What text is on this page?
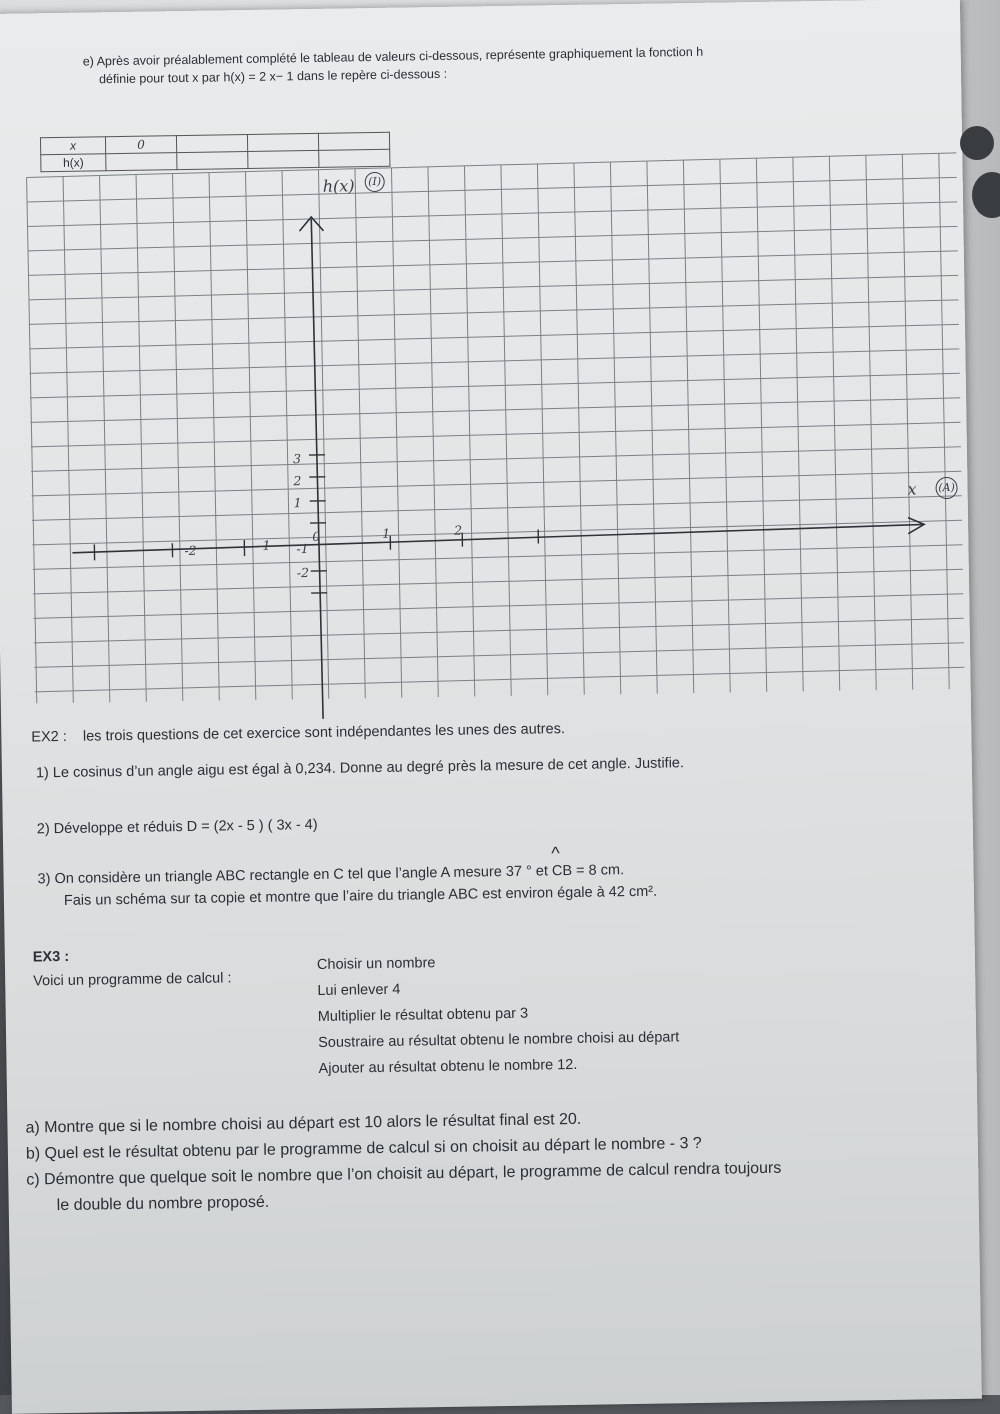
e) Après avoir préalablement complété le tableau de valeurs ci-dessous, représente graphiquement la fonction h
définie pour tout x par h(x) = 2 x− 1 dans le repère ci-dessous :
x	0			
h(x)				
h(x)	(I)
x (A)
3
2
1
-1
-2
-2	-1
0	1	2
EX2 : les trois questions de cet exercice sont indépendantes les unes des autres.
1) Le cosinus d’un angle aigu est égal à 0,234. Donne au degré près la mesure de cet angle. Justifie.
2) Développe et réduis D = (2x - 5 ) ( 3x - 4)
^
3) On considère un triangle ABC rectangle en C tel que l’angle A mesure 37 ° et CB = 8 cm.
Fais un schéma sur ta copie et montre que l’aire du triangle ABC est environ égale à 42 cm².
EX3 :
Voici un programme de calcul :
Choisir un nombre
Lui enlever 4
Multiplier le résultat obtenu par 3
Soustraire au résultat obtenu le nombre choisi au départ
Ajouter au résultat obtenu le nombre 12.
a) Montre que si le nombre choisi au départ est 10 alors le résultat final est 20.
b) Quel est le résultat obtenu par le programme de calcul si on choisit au départ le nombre - 3 ?
c) Démontre que quelque soit le nombre que l’on choisit au départ, le programme de calcul rendra toujours
le double du nombre proposé.
